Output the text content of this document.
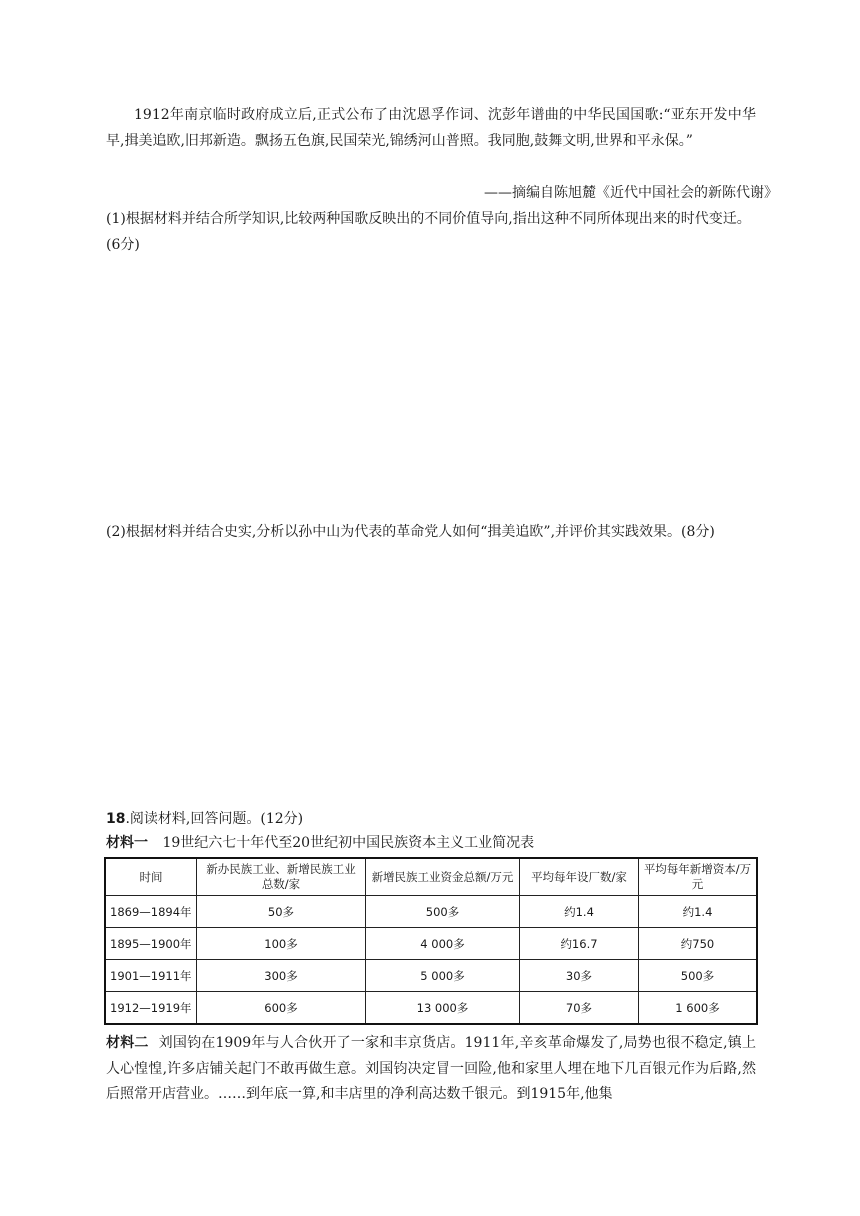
1912年南京临时政府成立后,正式公布了由沈恩孚作词、沈彭年谱曲的中华民国国歌:“亚东开发中华早,揖美追欧,旧邦新造。飘扬五色旗,民国荣光,锦绣河山普照。我同胞,鼓舞文明,世界和平永保。”

——摘编自陈旭麓《近代中国社会的新陈代谢》

(1)根据材料并结合所学知识,比较两种国歌反映出的不同价值导向,指出这种不同所体现出来的时代变迁。(6分)

(2)根据材料并结合史实,分析以孙中山为代表的革命党人如何“揖美追欧”,并评价其实践效果。(8分)

18.阅读材料,回答问题。(12分)
材料一 19世纪六七十年代至20世纪初中国民族资本主义工业简况表
时间	新办民族工业、新增民族工业总数/家	新增民族工业资金总额/万元	平均每年设厂数/家	平均每年新增资本/万元
1869—1894年	50多	500多	约1.4	约1.4
1895—1900年	100多	4 000多	约16.7	约750
1901—1911年	300多	5 000多	30多	500多
1912—1919年	600多	13 000多	70多	1 600多

材料二 刘国钧在1909年与人合伙开了一家和丰京货店。1911年,辛亥革命爆发了,局势也很不稳定,镇上人心惶惶,许多店铺关起门不敢再做生意。刘国钧决定冒一回险,他和家里人埋在地下几百银元作为后路,然后照常开店营业。……到年底一算,和丰店里的净利高达数千银元。到1915年,他集
